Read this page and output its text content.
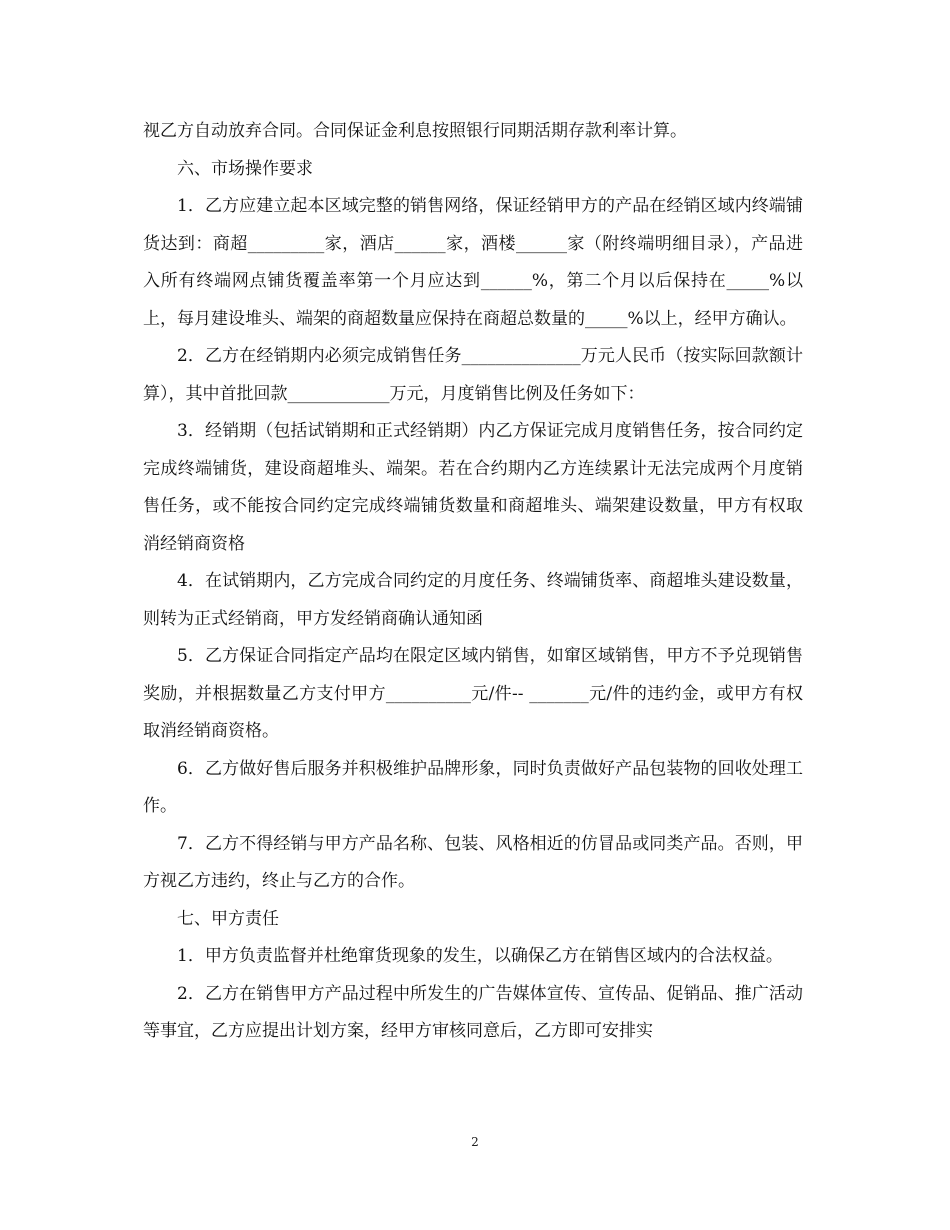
视乙方自动放弃合同。合同保证金利息按照银行同期活期存款利率计算。

六、市场操作要求

1．乙方应建立起本区域完整的销售网络，保证经销甲方的产品在经销区域内终端铺货达到：商超_________家，酒店______家，酒楼______家（附终端明细目录），产品进入所有终端网点铺货覆盖率第一个月应达到______%，第二个月以后保持在_____%以上，每月建设堆头、端架的商超数量应保持在商超总数量的_____%以上，经甲方确认。

2．乙方在经销期内必须完成销售任务______________万元人民币（按实际回款额计算），其中首批回款____________万元，月度销售比例及任务如下：

3．经销期（包括试销期和正式经销期）内乙方保证完成月度销售任务，按合同约定完成终端铺货，建设商超堆头、端架。若在合约期内乙方连续累计无法完成两个月度销售任务，或不能按合同约定完成终端铺货数量和商超堆头、端架建设数量，甲方有权取消经销商资格

4．在试销期内，乙方完成合同约定的月度任务、终端铺货率、商超堆头建设数量，则转为正式经销商，甲方发经销商确认通知函

5．乙方保证合同指定产品均在限定区域内销售，如窜区域销售，甲方不予兑现销售奖励，并根据数量乙方支付甲方__________元/件-- _______元/件的违约金，或甲方有权取消经销商资格。

6．乙方做好售后服务并积极维护品牌形象，同时负责做好产品包装物的回收处理工作。

7．乙方不得经销与甲方产品名称、包装、风格相近的仿冒品或同类产品。否则，甲方视乙方违约，终止与乙方的合作。

七、甲方责任

1．甲方负责监督并杜绝窜货现象的发生，以确保乙方在销售区域内的合法权益。

2．乙方在销售甲方产品过程中所发生的广告媒体宣传、宣传品、促销品、推广活动等事宜，乙方应提出计划方案，经甲方审核同意后，乙方即可安排实

2
